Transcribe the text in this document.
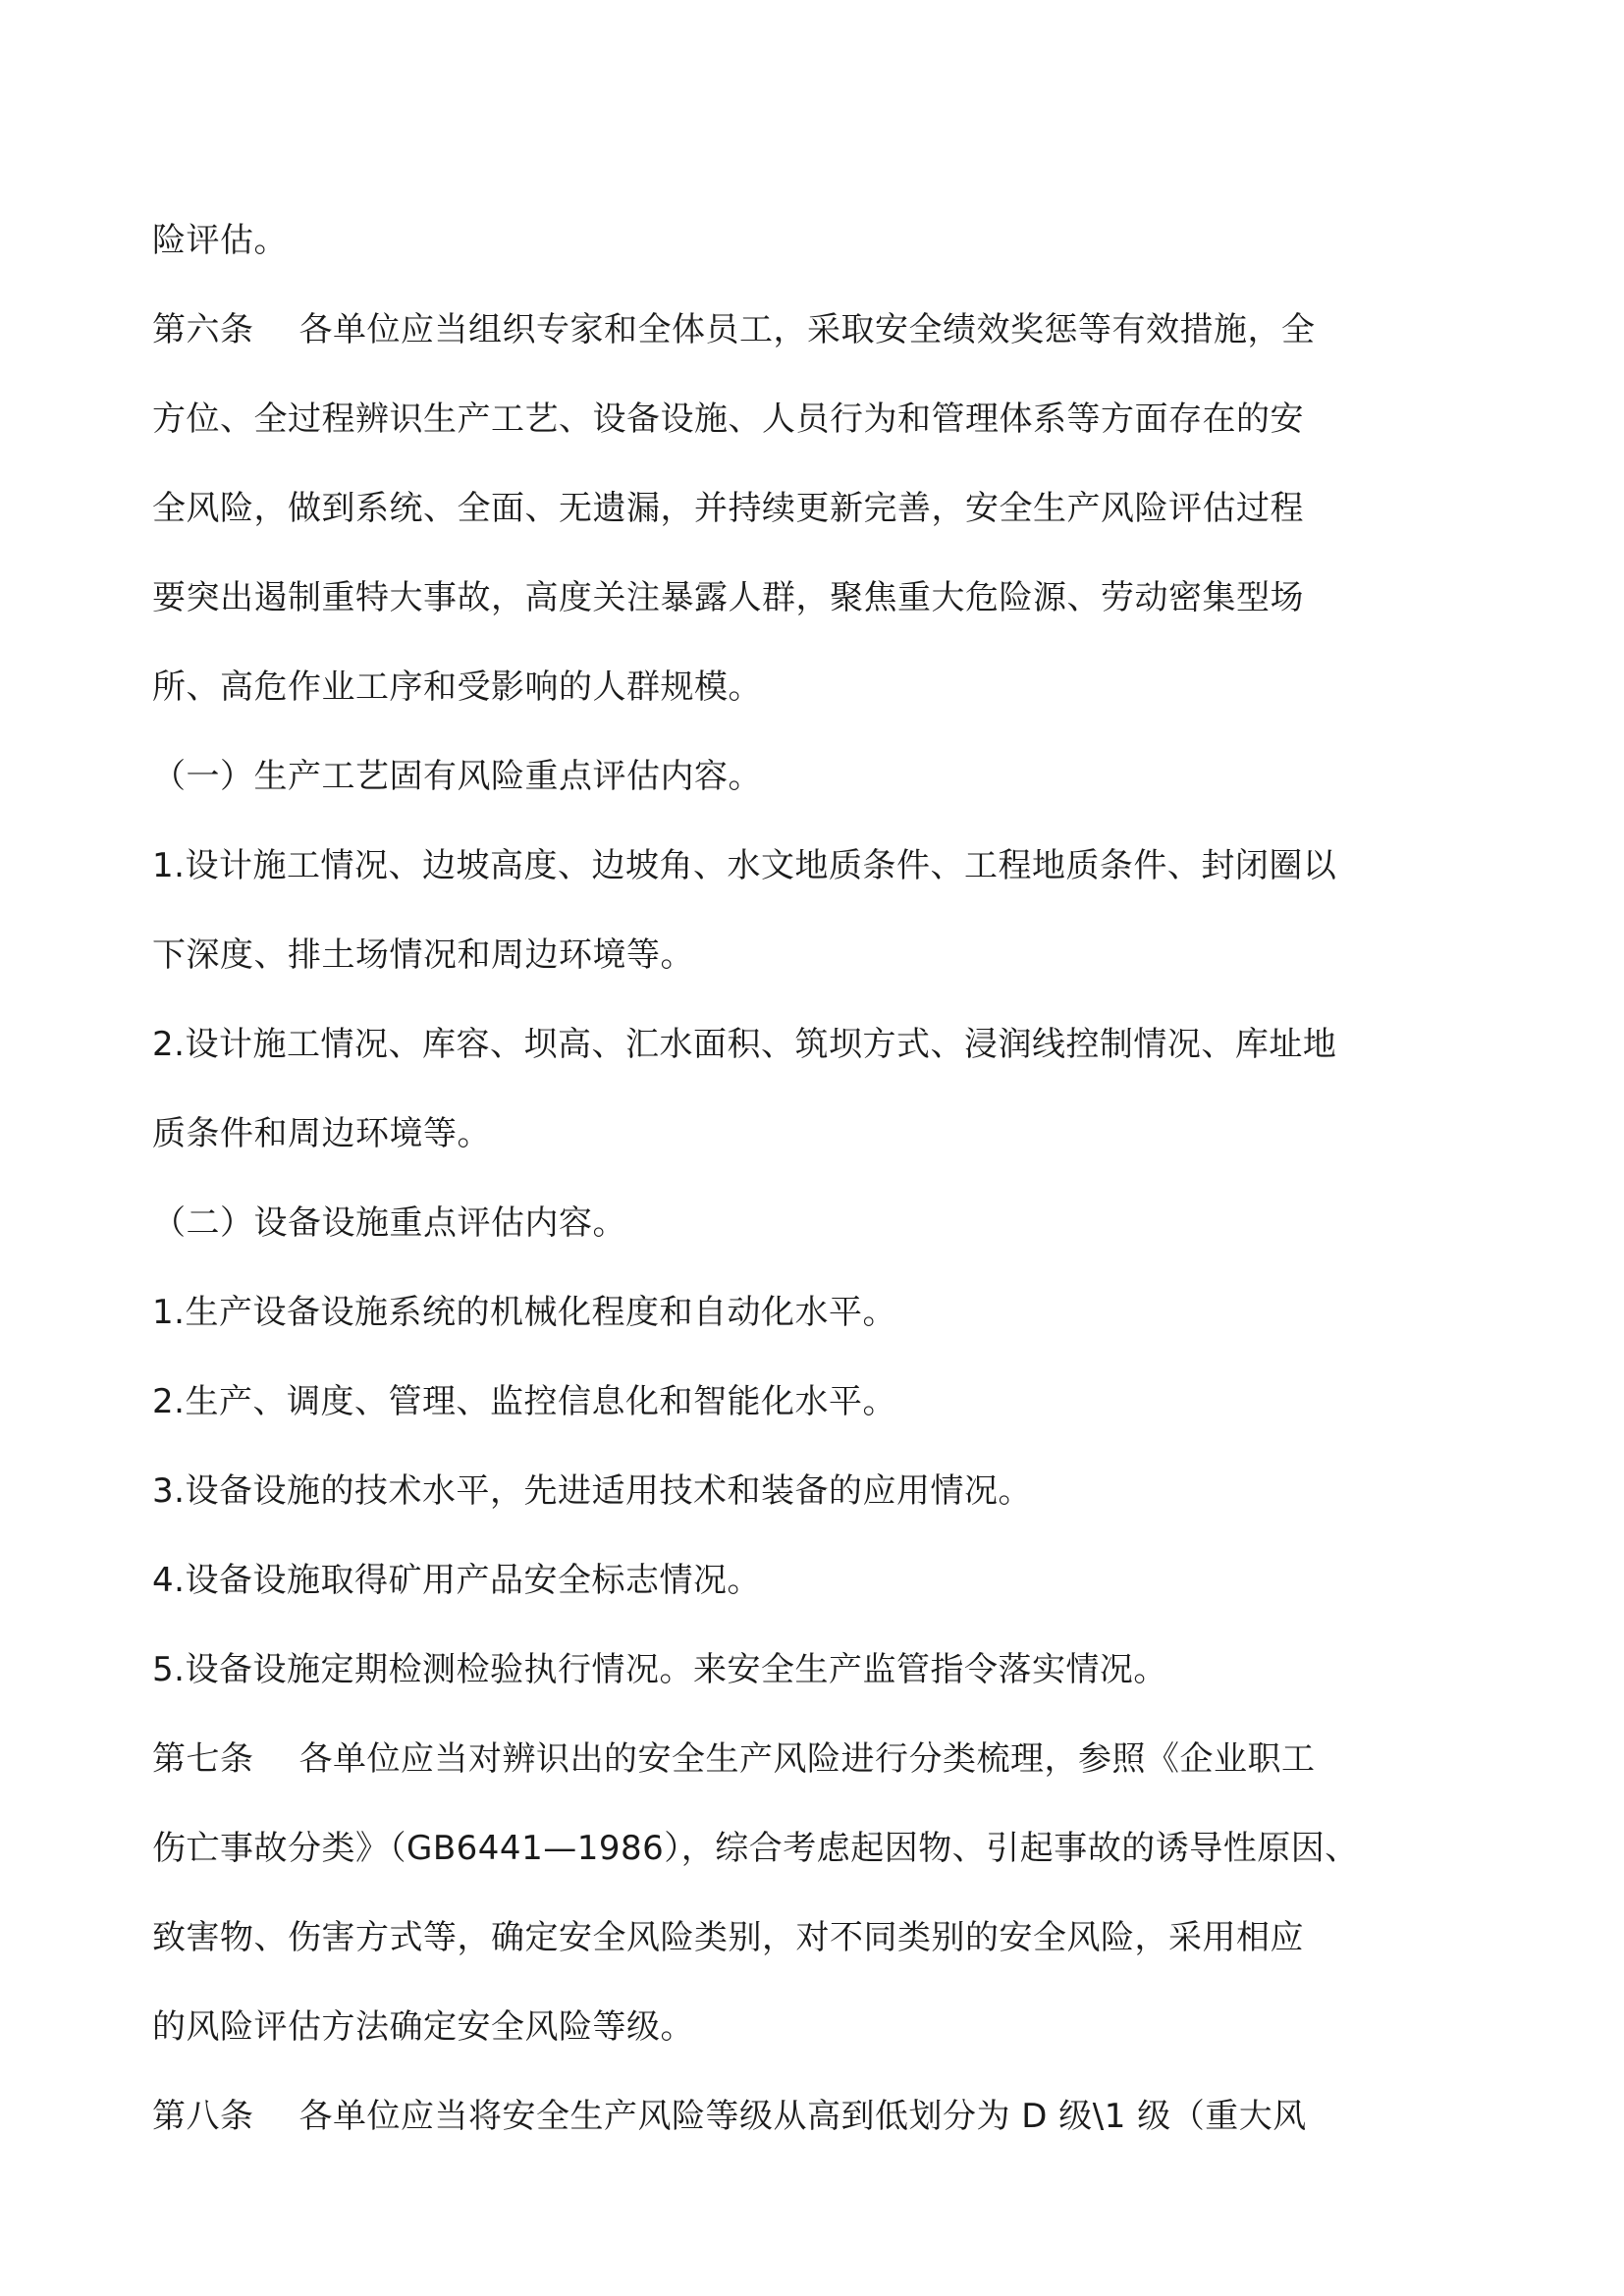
险评估。
第六条 各单位应当组织专家和全体员工，采取安全绩效奖惩等有效措施，全
方位、全过程辨识生产工艺、设备设施、人员行为和管理体系等方面存在的安
全风险，做到系统、全面、无遗漏，并持续更新完善，安全生产风险评估过程
要突出遏制重特大事故，高度关注暴露人群，聚焦重大危险源、劳动密集型场
所、高危作业工序和受影响的人群规模。
（一）生产工艺固有风险重点评估内容。
1.设计施工情况、边坡高度、边坡角、水文地质条件、工程地质条件、封闭圈以
下深度、排土场情况和周边环境等。
2.设计施工情况、库容、坝高、汇水面积、筑坝方式、浸润线控制情况、库址地
质条件和周边环境等。
（二）设备设施重点评估内容。
1.生产设备设施系统的机械化程度和自动化水平。
2.生产、调度、管理、监控信息化和智能化水平。
3.设备设施的技术水平，先进适用技术和装备的应用情况。
4.设备设施取得矿用产品安全标志情况。
5.设备设施定期检测检验执行情况。来安全生产监管指令落实情况。
第七条 各单位应当对辨识出的安全生产风险进行分类梳理，参照《企业职工
伤亡事故分类》（GB6441—1986），综合考虑起因物、引起事故的诱导性原因、
致害物、伤害方式等，确定安全风险类别，对不同类别的安全风险，采用相应
的风险评估方法确定安全风险等级。
第八条 各单位应当将安全生产风险等级从高到低划分为 D 级\1 级（重大风
